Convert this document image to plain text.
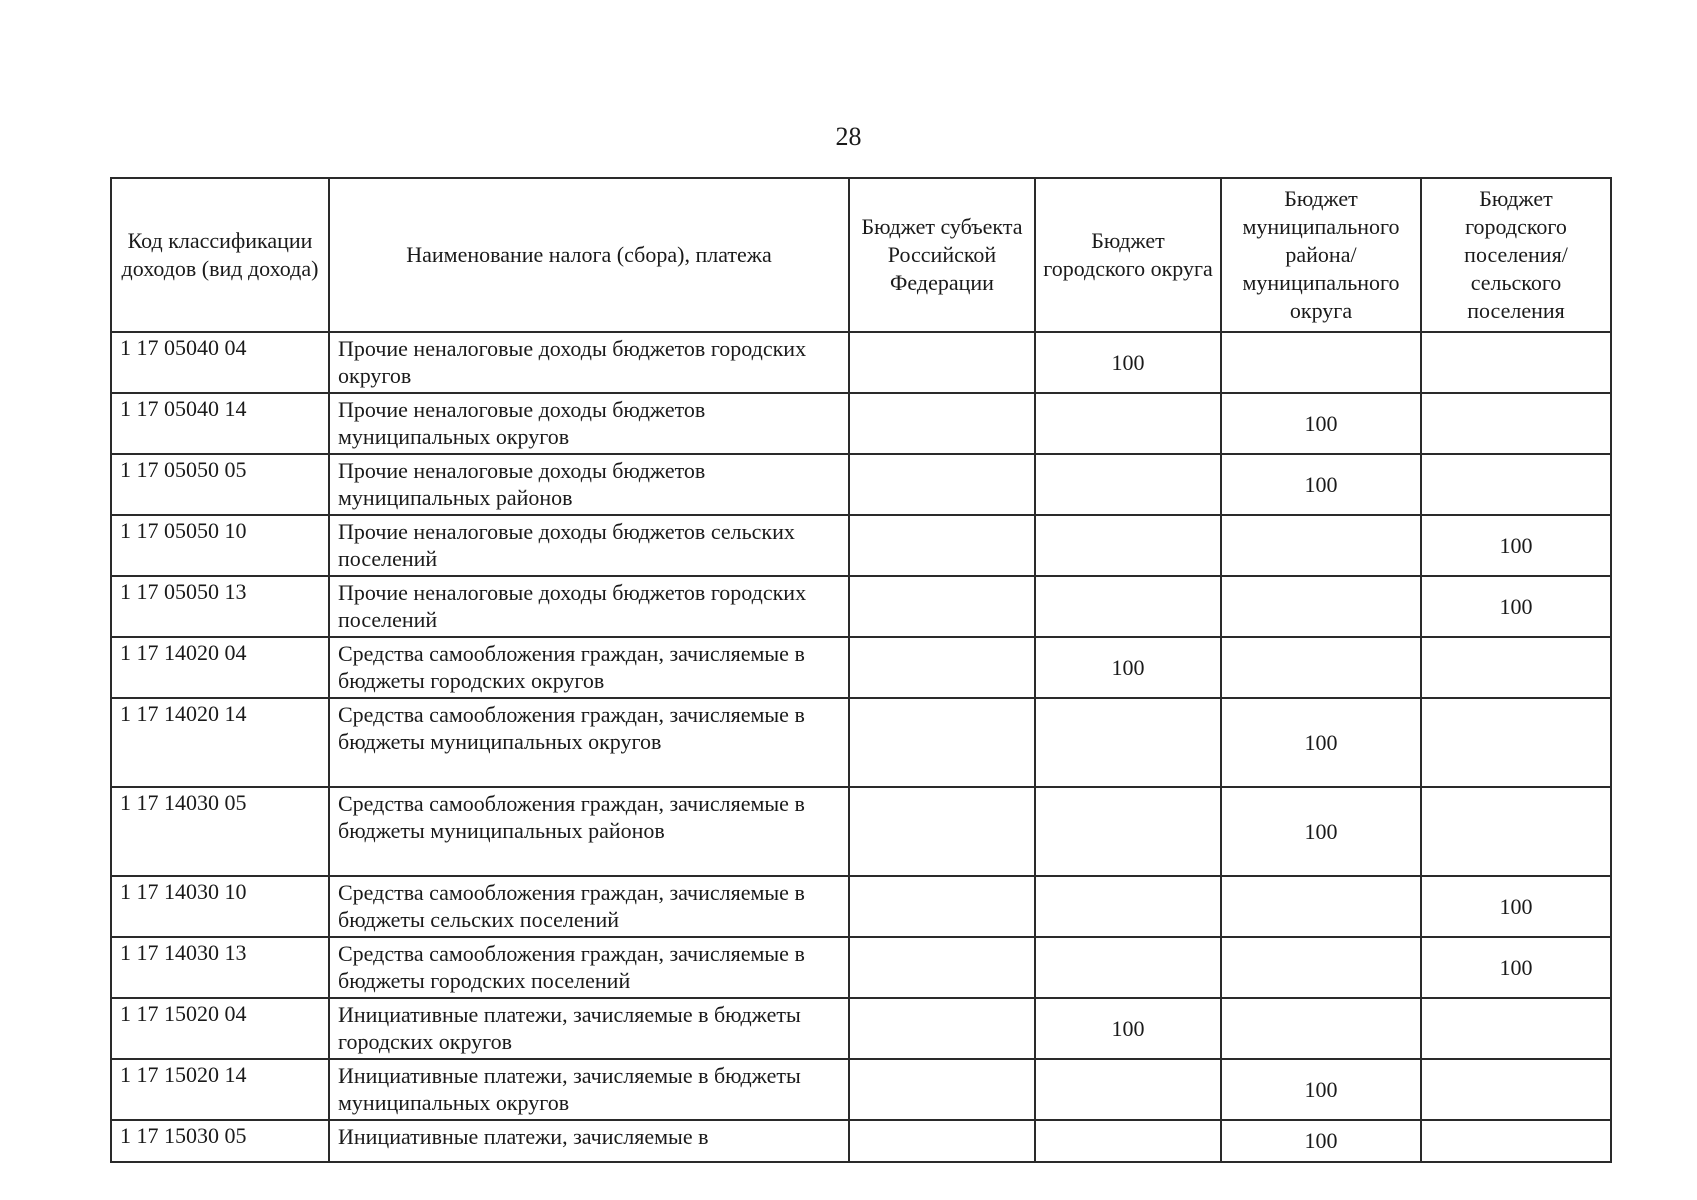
28
Код классификации доходов (вид дохода)	Наименование налога (сбора), платежа	Бюджет субъекта Российской Федерации	Бюджет городского округа	Бюджет муниципального района/ муниципального округа	Бюджет городского поселения/ сельского поселения
1 17 05040 04	Прочие неналоговые доходы бюджетов городских округов		100		
1 17 05040 14	Прочие неналоговые доходы бюджетов муниципальных округов			100	
1 17 05050 05	Прочие неналоговые доходы бюджетов муниципальных районов			100	
1 17 05050 10	Прочие неналоговые доходы бюджетов сельских поселений				100
1 17 05050 13	Прочие неналоговые доходы бюджетов городских поселений				100
1 17 14020 04	Средства самообложения граждан, зачисляемые в бюджеты городских округов		100		
1 17 14020 14	Средства самообложения граждан, зачисляемые в бюджеты муниципальных округов			100	
1 17 14030 05	Средства самообложения граждан, зачисляемые в бюджеты муниципальных районов			100	
1 17 14030 10	Средства самообложения граждан, зачисляемые в бюджеты сельских поселений				100
1 17 14030 13	Средства самообложения граждан, зачисляемые в бюджеты городских поселений				100
1 17 15020 04	Инициативные платежи, зачисляемые в бюджеты городских округов		100		
1 17 15020 14	Инициативные платежи, зачисляемые в бюджеты муниципальных округов			100	
1 17 15030 05	Инициативные платежи, зачисляемые в			100	
